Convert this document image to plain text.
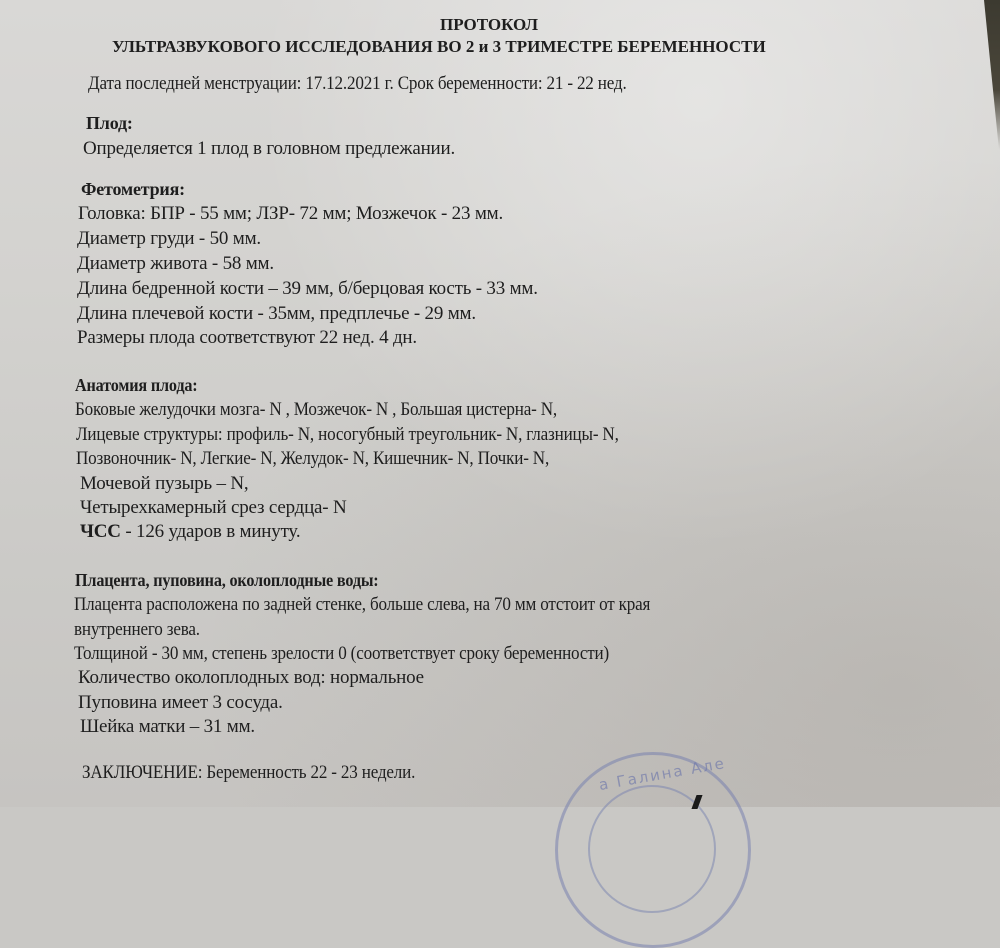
ПРОТОКОЛ
УЛЬТРАЗВУКОВОГО ИССЛЕДОВАНИЯ ВО 2 и 3 ТРИМЕСТРЕ БЕРЕМЕННОСТИ
Дата последней менструации: 17.12.2021 г. Срок беременности: 21 - 22 нед.
Плод:
Определяется 1 плод в головном предлежании.
Фетометрия:
Головка: БПР - 55 мм; ЛЗР- 72 мм; Мозжечок - 23 мм.
Диаметр груди - 50 мм.
Диаметр живота - 58 мм.
Длина бедренной кости – 39 мм, б/берцовая кость - 33 мм.
Длина плечевой кости - 35мм, предплечье - 29 мм.
Размеры плода соответствуют 22 нед. 4 дн.
Анатомия плода:
Боковые желудочки мозга- N , Мозжечок- N , Большая цистерна- N,
Лицевые структуры: профиль- N, носогубный треугольник- N, глазницы- N,
Позвоночник- N, Легкие- N, Желудок- N, Кишечник- N, Почки- N,
Мочевой пузырь – N,
Четырехкамерный срез сердца- N
ЧСС - 126 ударов в минуту.
Плацента, пуповина, околоплодные воды:
Плацента расположена по задней стенке, больше слева, на 70 мм отстоит от края
внутреннего зева.
Толщиной - 30 мм, степень зрелости 0 (соответствует сроку беременности)
Количество околоплодных вод: нормальное
Пуповина имеет 3 сосуда.
Шейка матки – 31 мм.
ЗАКЛЮЧЕНИЕ: Беременность 22 - 23 недели.	а Галина Але
